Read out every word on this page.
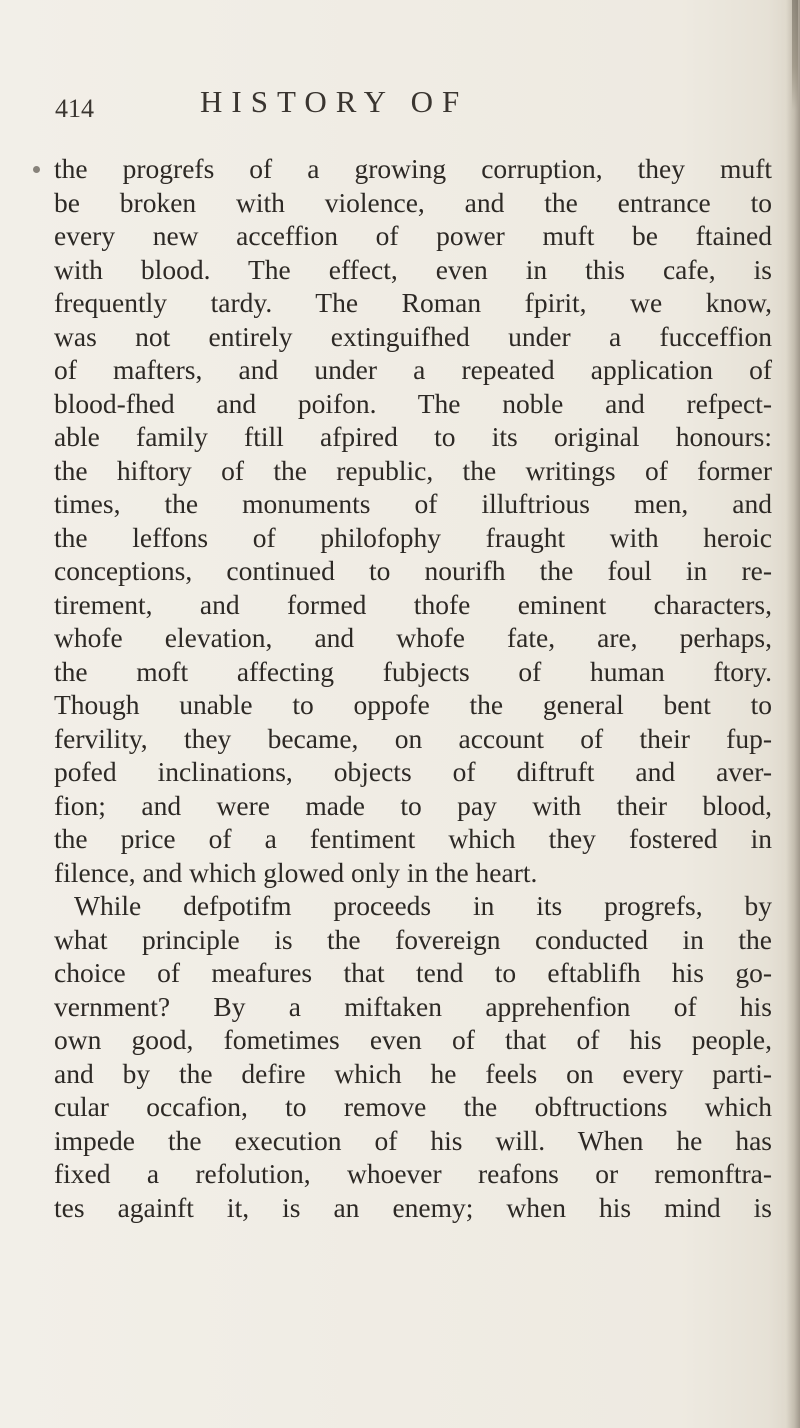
414	HISTORY OF
the progrefs of a growing corruption, they muft
be broken with violence, and the entrance to
every new acceffion of power muft be ftained
with blood. The effect, even in this cafe, is
frequently tardy. The Roman fpirit, we know,
was not entirely extinguifhed under a fucceffion
of mafters, and under a repeated application of
blood-fhed and poifon. The noble and refpect-
able family ftill afpired to its original honours:
the hiftory of the republic, the writings of former
times, the monuments of illuftrious men, and
the leffons of philofophy fraught with heroic
conceptions, continued to nourifh the foul in re-
tirement, and formed thofe eminent characters,
whofe elevation, and whofe fate, are, perhaps,
the moft affecting fubjects of human ftory.
Though unable to oppofe the general bent to
fervility, they became, on account of their fup-
pofed inclinations, objects of diftruft and aver-
fion; and were made to pay with their blood,
the price of a fentiment which they fostered in
filence, and which glowed only in the heart.
While defpotifm proceeds in its progrefs, by
what principle is the fovereign conducted in the
choice of meafures that tend to eftablifh his go-
vernment? By a miftaken apprehenfion of his
own good, fometimes even of that of his people,
and by the defire which he feels on every parti-
cular occafion, to remove the obftructions which
impede the execution of his will. When he has
fixed a refolution, whoever reafons or remonftra-
tes againft it, is an enemy; when his mind is
